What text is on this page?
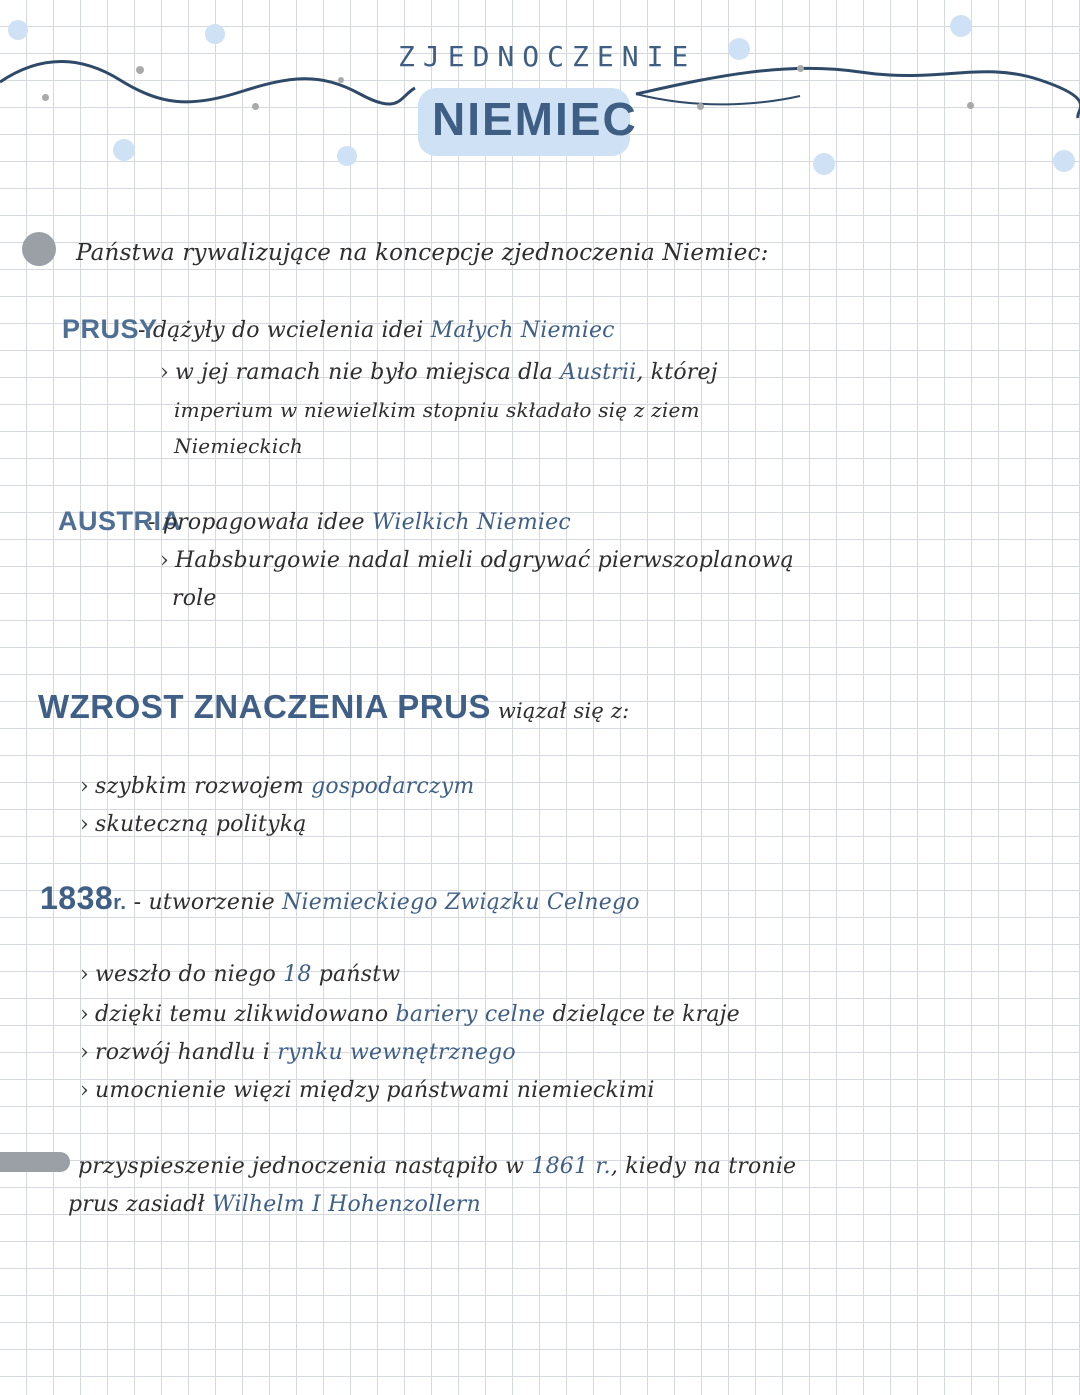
ZJEDNOCZENIE
NIEMIEC
Państwa rywalizujące na koncepcje zjednoczenia Niemiec:
PRUSY
- dążyły do wcielenia idei Małych Niemiec
› w jej ramach nie było miejsca dla Austrii, której
imperium w niewielkim stopniu składało się z ziem
Niemieckich
AUSTRIA
- propagowała idee Wielkich Niemiec
› Habsburgowie nadal mieli odgrywać pierwszoplanową
role
WZROST ZNACZENIA PRUS wiązał się z:
› szybkim rozwojem gospodarczym
› skuteczną polityką
1838r. - utworzenie Niemieckiego Związku Celnego
› weszło do niego 18 państw
› dzięki temu zlikwidowano bariery celne dzielące te kraje
› rozwój handlu i rynku wewnętrznego
› umocnienie więzi między państwami niemieckimi
przyspieszenie jednoczenia nastąpiło w 1861 r., kiedy na tronie
prus zasiadł Wilhelm I Hohenzollern
